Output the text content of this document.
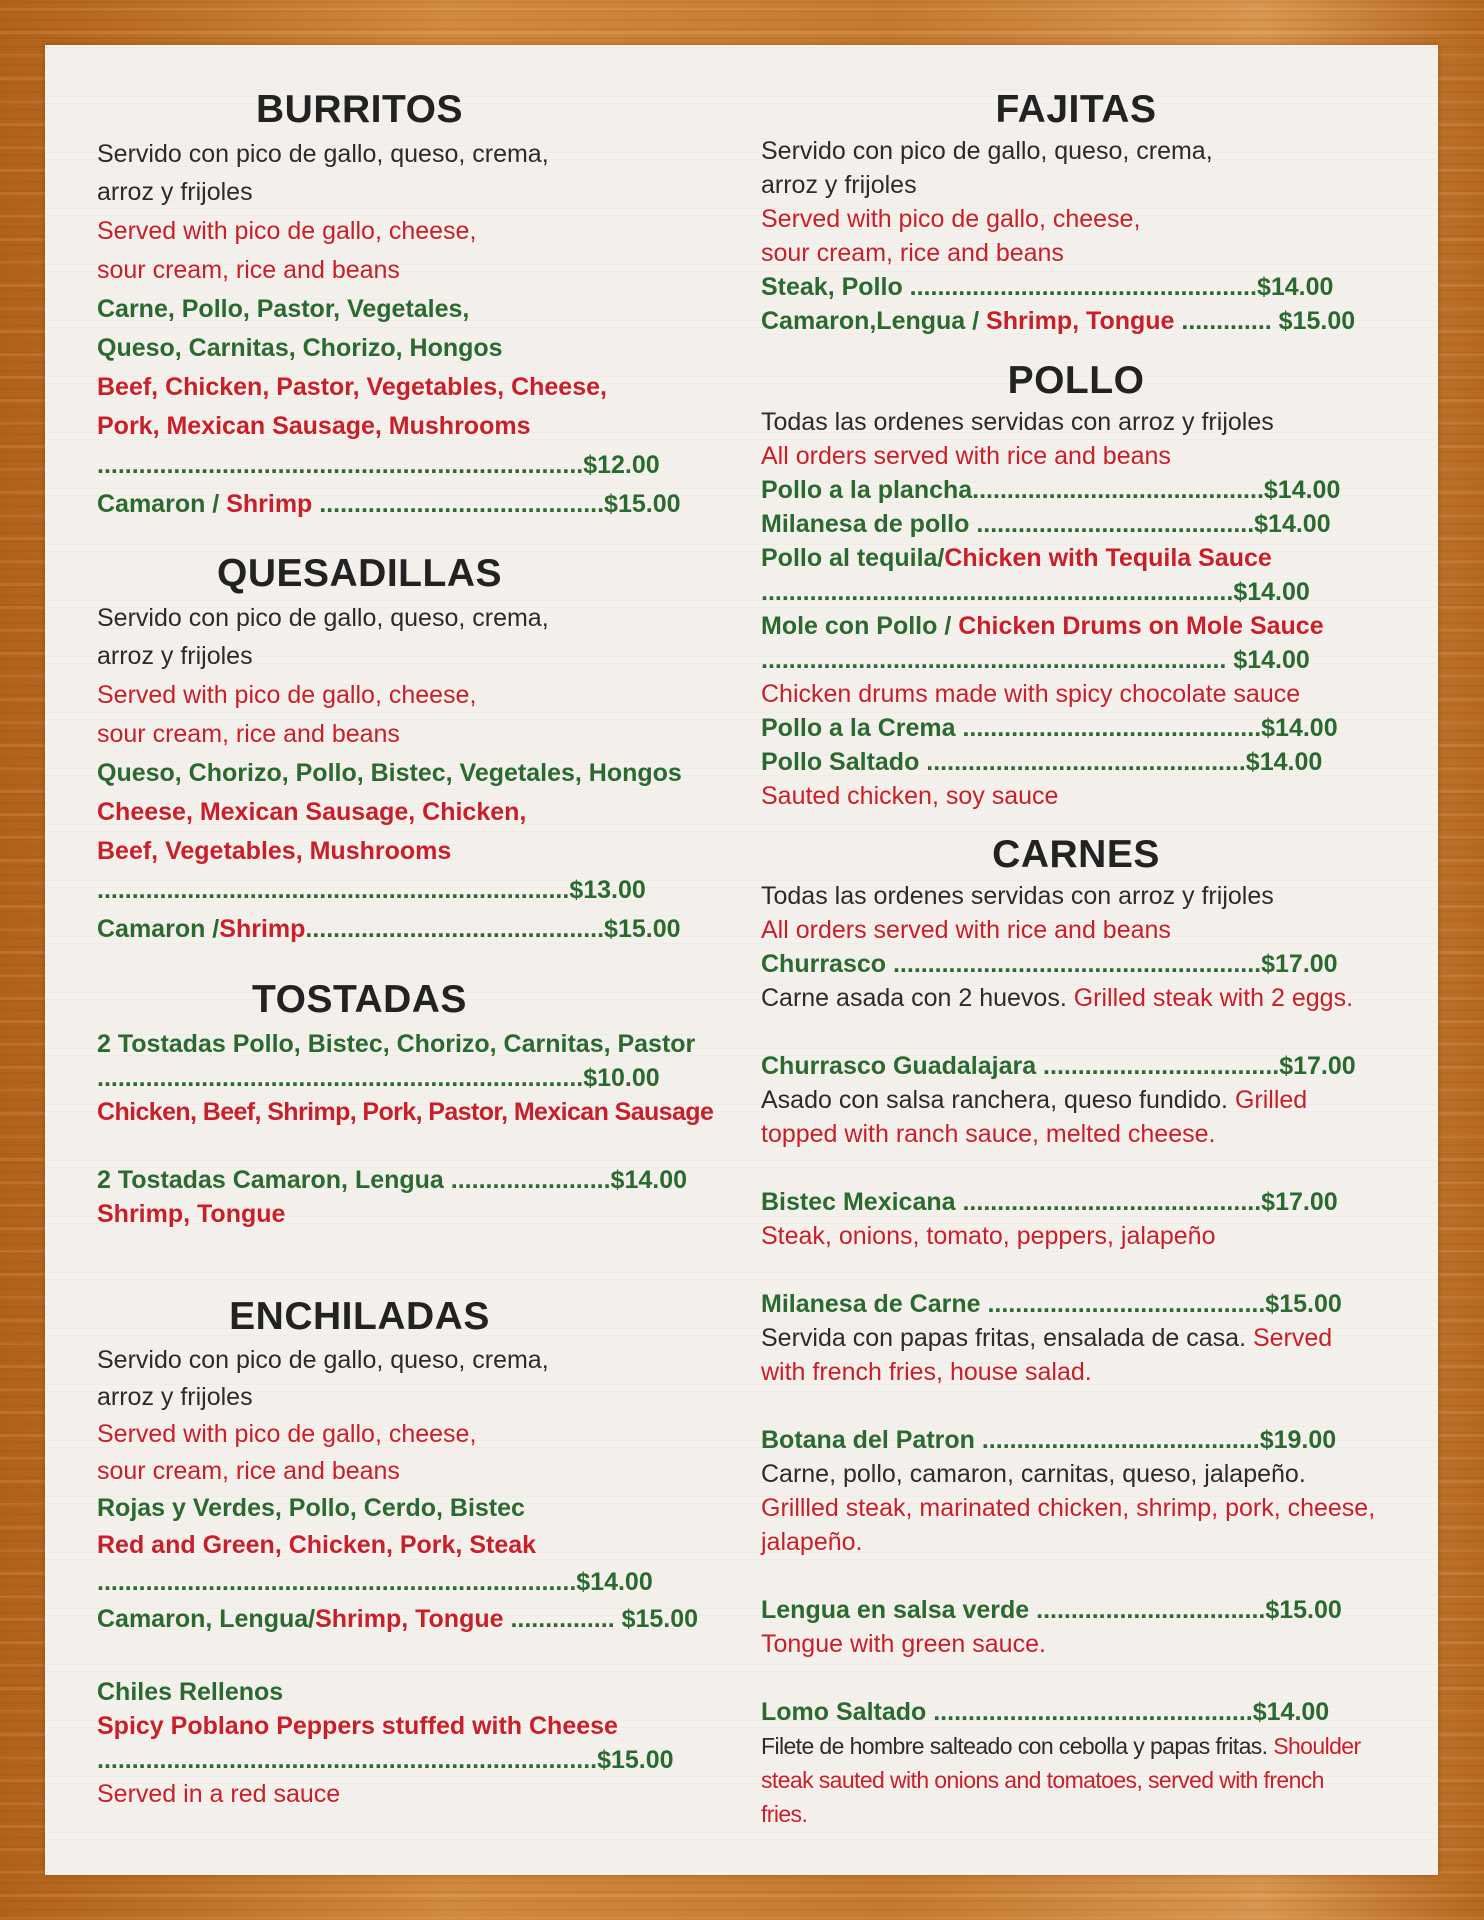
BURRITOS
Servido con pico de gallo, queso, crema,
arroz y frijoles
Served with pico de gallo, cheese,
sour cream, rice and beans
Carne, Pollo, Pastor, Vegetales,
Queso, Carnitas, Chorizo, Hongos
Beef, Chicken, Pastor, Vegetables, Cheese,
Pork, Mexican Sausage, Mushrooms
......................................................................$12.00
Camaron / Shrimp .........................................$15.00
QUESADILLAS
Servido con pico de gallo, queso, crema,
arroz y frijoles
Served with pico de gallo, cheese,
sour cream, rice and beans
Queso, Chorizo, Pollo, Bistec, Vegetales, Hongos
Cheese, Mexican Sausage, Chicken,
Beef, Vegetables, Mushrooms
....................................................................$13.00
Camaron /Shrimp...........................................$15.00
TOSTADAS
2 Tostadas Pollo, Bistec, Chorizo, Carnitas, Pastor
......................................................................$10.00
Chicken, Beef, Shrimp, Pork, Pastor, Mexican Sausage
2 Tostadas Camaron, Lengua .......................$14.00
Shrimp, Tongue
ENCHILADAS
Servido con pico de gallo, queso, crema,
arroz y frijoles
Served with pico de gallo, cheese,
sour cream, rice and beans
Rojas y Verdes, Pollo, Cerdo, Bistec
Red and Green, Chicken, Pork, Steak
.....................................................................$14.00
Camaron, Lengua/Shrimp, Tongue ............... $15.00
Chiles Rellenos
Spicy Poblano Peppers stuffed with Cheese
........................................................................$15.00
Served in a red sauce
FAJITAS
Servido con pico de gallo, queso, crema,
arroz y frijoles
Served with pico de gallo, cheese,
sour cream, rice and beans
Steak, Pollo ..................................................$14.00
Camaron,Lengua / Shrimp, Tongue ............. $15.00
POLLO
Todas las ordenes servidas con arroz y frijoles
All orders served with rice and beans
Pollo a la plancha..........................................$14.00
Milanesa de pollo ........................................$14.00
Pollo al tequila/Chicken with Tequila Sauce
....................................................................$14.00
Mole con Pollo / Chicken Drums on Mole Sauce
................................................................... $14.00
Chicken drums made with spicy chocolate sauce
Pollo a la Crema ...........................................$14.00
Pollo Saltado ..............................................$14.00
Sauted chicken, soy sauce
CARNES
Todas las ordenes servidas con arroz y frijoles
All orders served with rice and beans
Churrasco .....................................................$17.00
Carne asada con 2 huevos. Grilled steak with 2 eggs.
Churrasco Guadalajara ..................................$17.00
Asado con salsa ranchera, queso fundido. Grilled
topped with ranch sauce, melted cheese.
Bistec Mexicana ...........................................$17.00
Steak, onions, tomato, peppers, jalapeño
Milanesa de Carne ........................................$15.00
Servida con papas fritas, ensalada de casa. Served
with french fries, house salad.
Botana del Patron ........................................$19.00
Carne, pollo, camaron, carnitas, queso, jalapeño.
Grillled steak, marinated chicken, shrimp, pork, cheese,
jalapeño.
Lengua en salsa verde .................................$15.00
Tongue with green sauce.
Lomo Saltado ..............................................$14.00
Filete de hombre salteado con cebolla y papas fritas. Shoulder
steak sauted with onions and tomatoes, served with french
fries.
